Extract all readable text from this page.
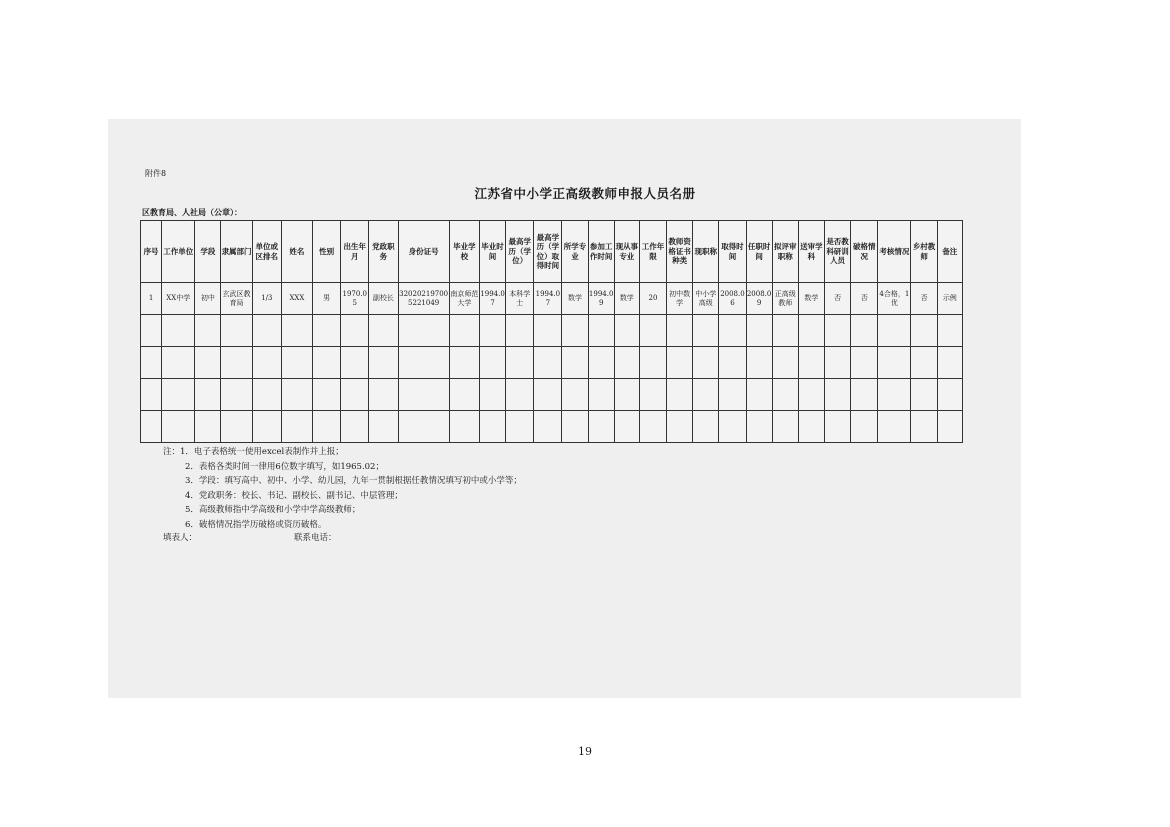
附件8
江苏省中小学正高级教师申报人员名册
区教育局、人社局（公章）：
序号	工作单位	学段	隶属部门	单位或区排名	姓名	性别	出生年月	党政职务	身份证号	毕业学校	毕业时间	最高学历（学位）	最高学历（学位）取得时间	所学专业	参加工作时间	现从事专业	工作年限	教师资格证书种类	现职称	取得时间	任职时间	拟评审职称	送审学科	是否教科研训人员	破格情况	考核情况	乡村教师	备注
1	XX中学	初中	玄武区教育局	1/3	XXX	男	1970.05	副校长	320202197005221049	南京师范大学	1994.07	本科学士	1994.07	数学	1994.09	数学	20	初中数学	中小学高级	2008.06	2008.09	正高级教师	数学	否	否	4合格，1优	否	示例

注：1．电子表格统一使用excel表制作并上报；
2．表格各类时间一律用6位数字填写，如1965.02；
3．学段：填写高中、初中、小学、幼儿园，九年一贯制根据任教情况填写初中或小学等；
4．党政职务：校长、书记、副校长、副书记、中层管理；
5．高级教师指中学高级和小学中学高级教师；
6．破格情况指学历破格或资历破格。
填表人：	联系电话：
19
